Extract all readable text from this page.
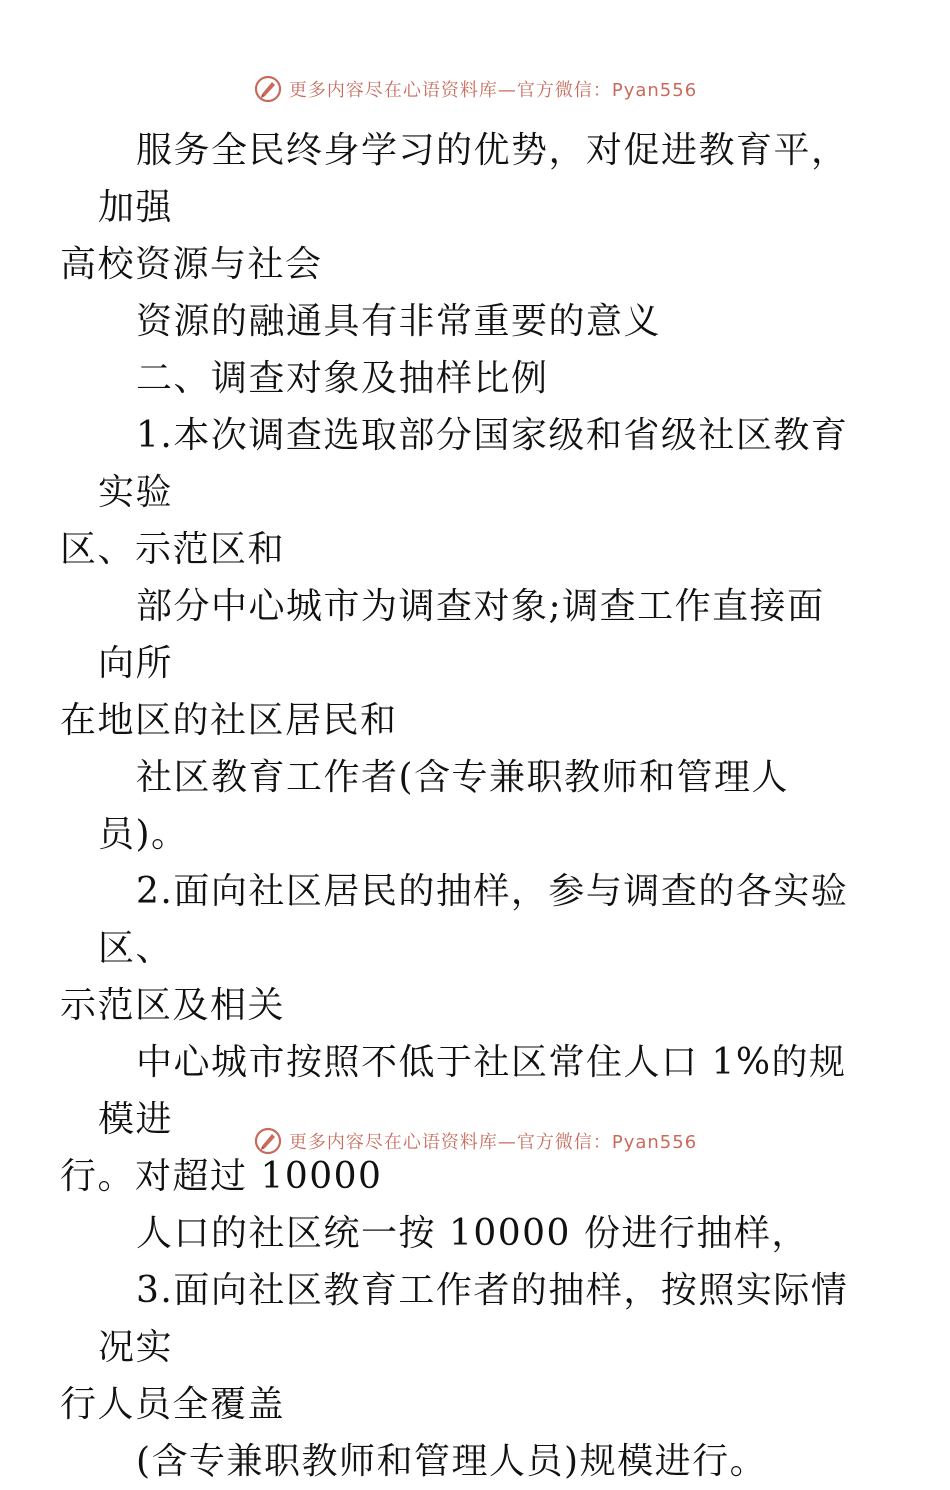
更多内容尽在心语资料库—官方微信：Pyan556

服务全民终身学习的优势，对促进教育平，加强
高校资源与社会

资源的融通具有非常重要的意义

二、调查对象及抽样比例

1.本次调查选取部分国家级和省级社区教育实验
区、示范区和

部分中心城市为调查对象;调查工作直接面向所
在地区的社区居民和

社区教育工作者(含专兼职教师和管理人员)。

2.面向社区居民的抽样，参与调查的各实验区、
示范区及相关

中心城市按照不低于社区常住人口 1%的规模进
行。对超过 10000

人口的社区统一按 10000 份进行抽样，

3.面向社区教育工作者的抽样，按照实际情况实
行人员全覆盖

(含专兼职教师和管理人员)规模进行。

更多内容尽在心语资料库—官方微信：Pyan556
